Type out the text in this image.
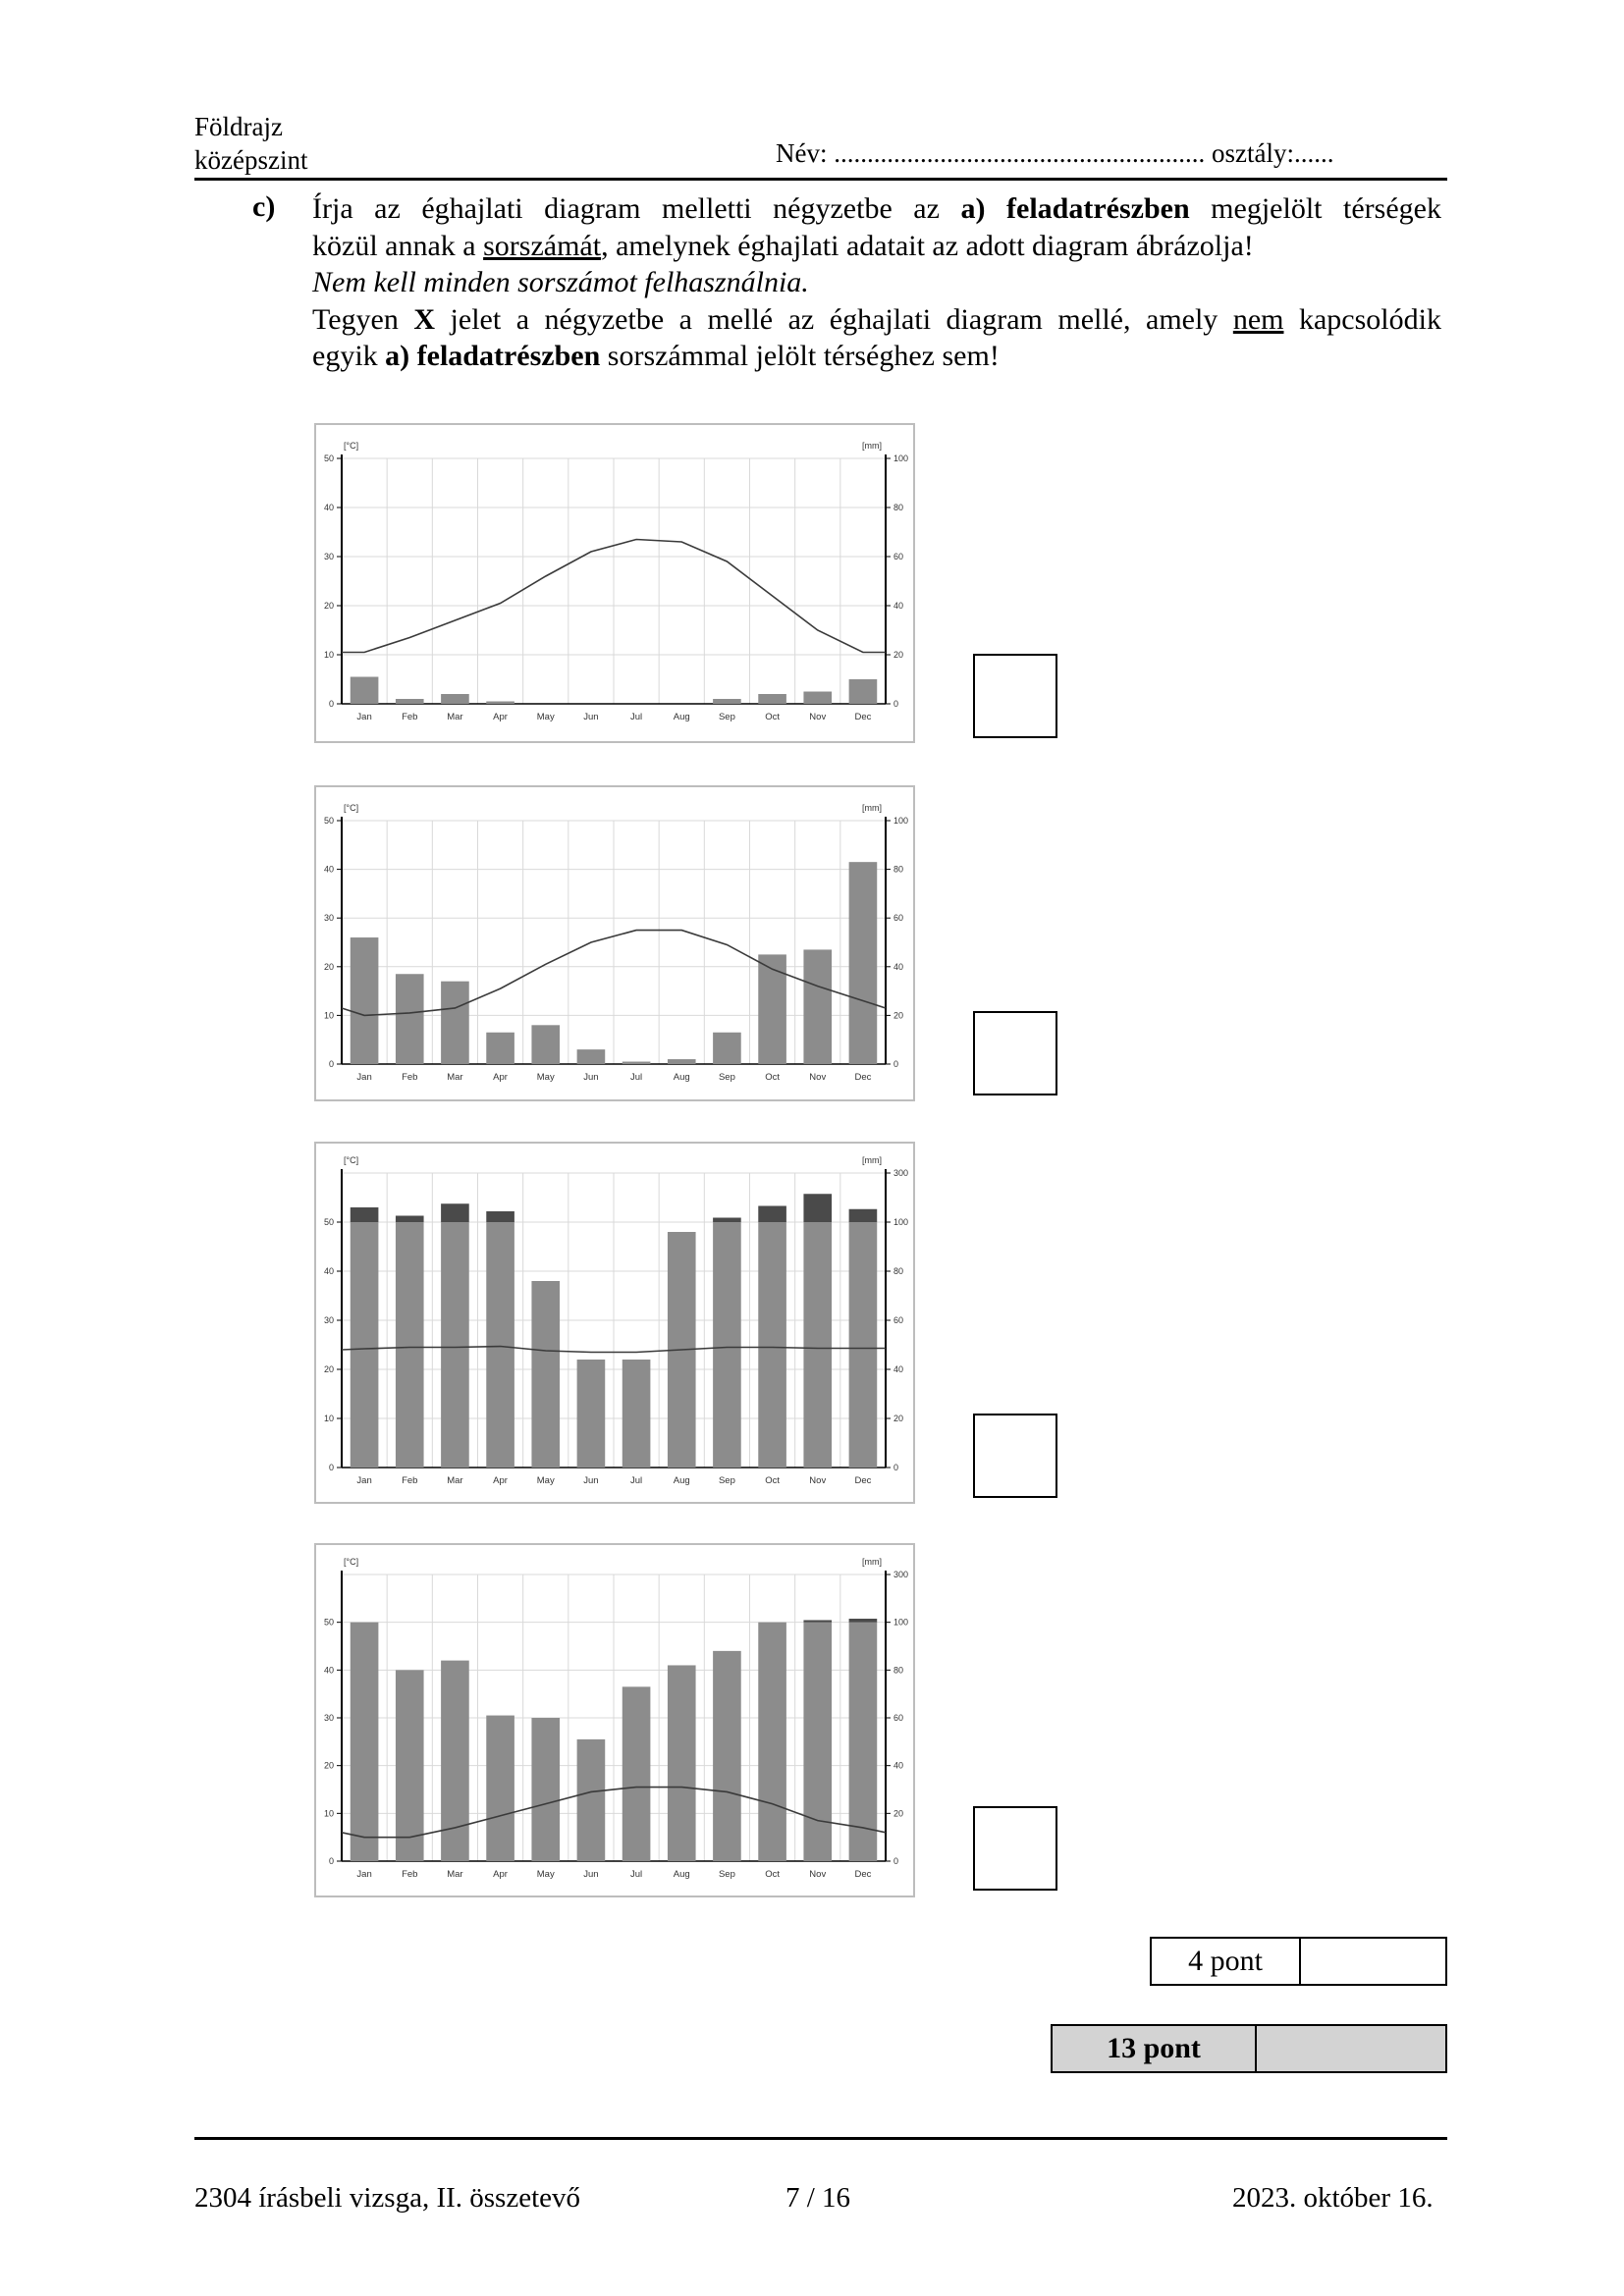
Földrajz
középszint	Név: ........................................................ osztály:......
c) Írja az éghajlati diagram melletti négyzetbe az a) feladatrészben megjelölt térségek

közül annak a sorszámát, amelynek éghajlati adatait az adott diagram ábrázolja!

Nem kell minden sorszámot felhasználnia.

Tegyen X jelet a négyzetbe a mellé az éghajlati diagram mellé, amely nem kapcsolódik

egyik a) feladatrészben sorszámmal jelölt térséghez sem!

[°C]	[mm]
0
10
20
30
40
50
0
20
40
60
80
100
Jan	Feb	Mar	Apr	May	Jun	Jul	Aug	Sep	Oct	Nov	Dec
[°C]	[mm]
0
10
20
30
40
50
0
20
40
60
80
100
Jan	Feb	Mar	Apr	May	Jun	Jul	Aug	Sep	Oct	Nov	Dec
[°C]	[mm]
0
10
20
30
40
50
0
20
40
60
80
100
300
Jan	Feb	Mar	Apr	May	Jun	Jul	Aug	Sep	Oct	Nov	Dec
[°C]	[mm]
0
10
20
30
40
50
0
20
40
60
80
100
300
Jan	Feb	Mar	Apr	May	Jun	Jul	Aug	Sep	Oct	Nov	Dec
4 pont
13 pont
2304 írásbeli vizsga, II. összetevő	7 / 16	2023. október 16.
